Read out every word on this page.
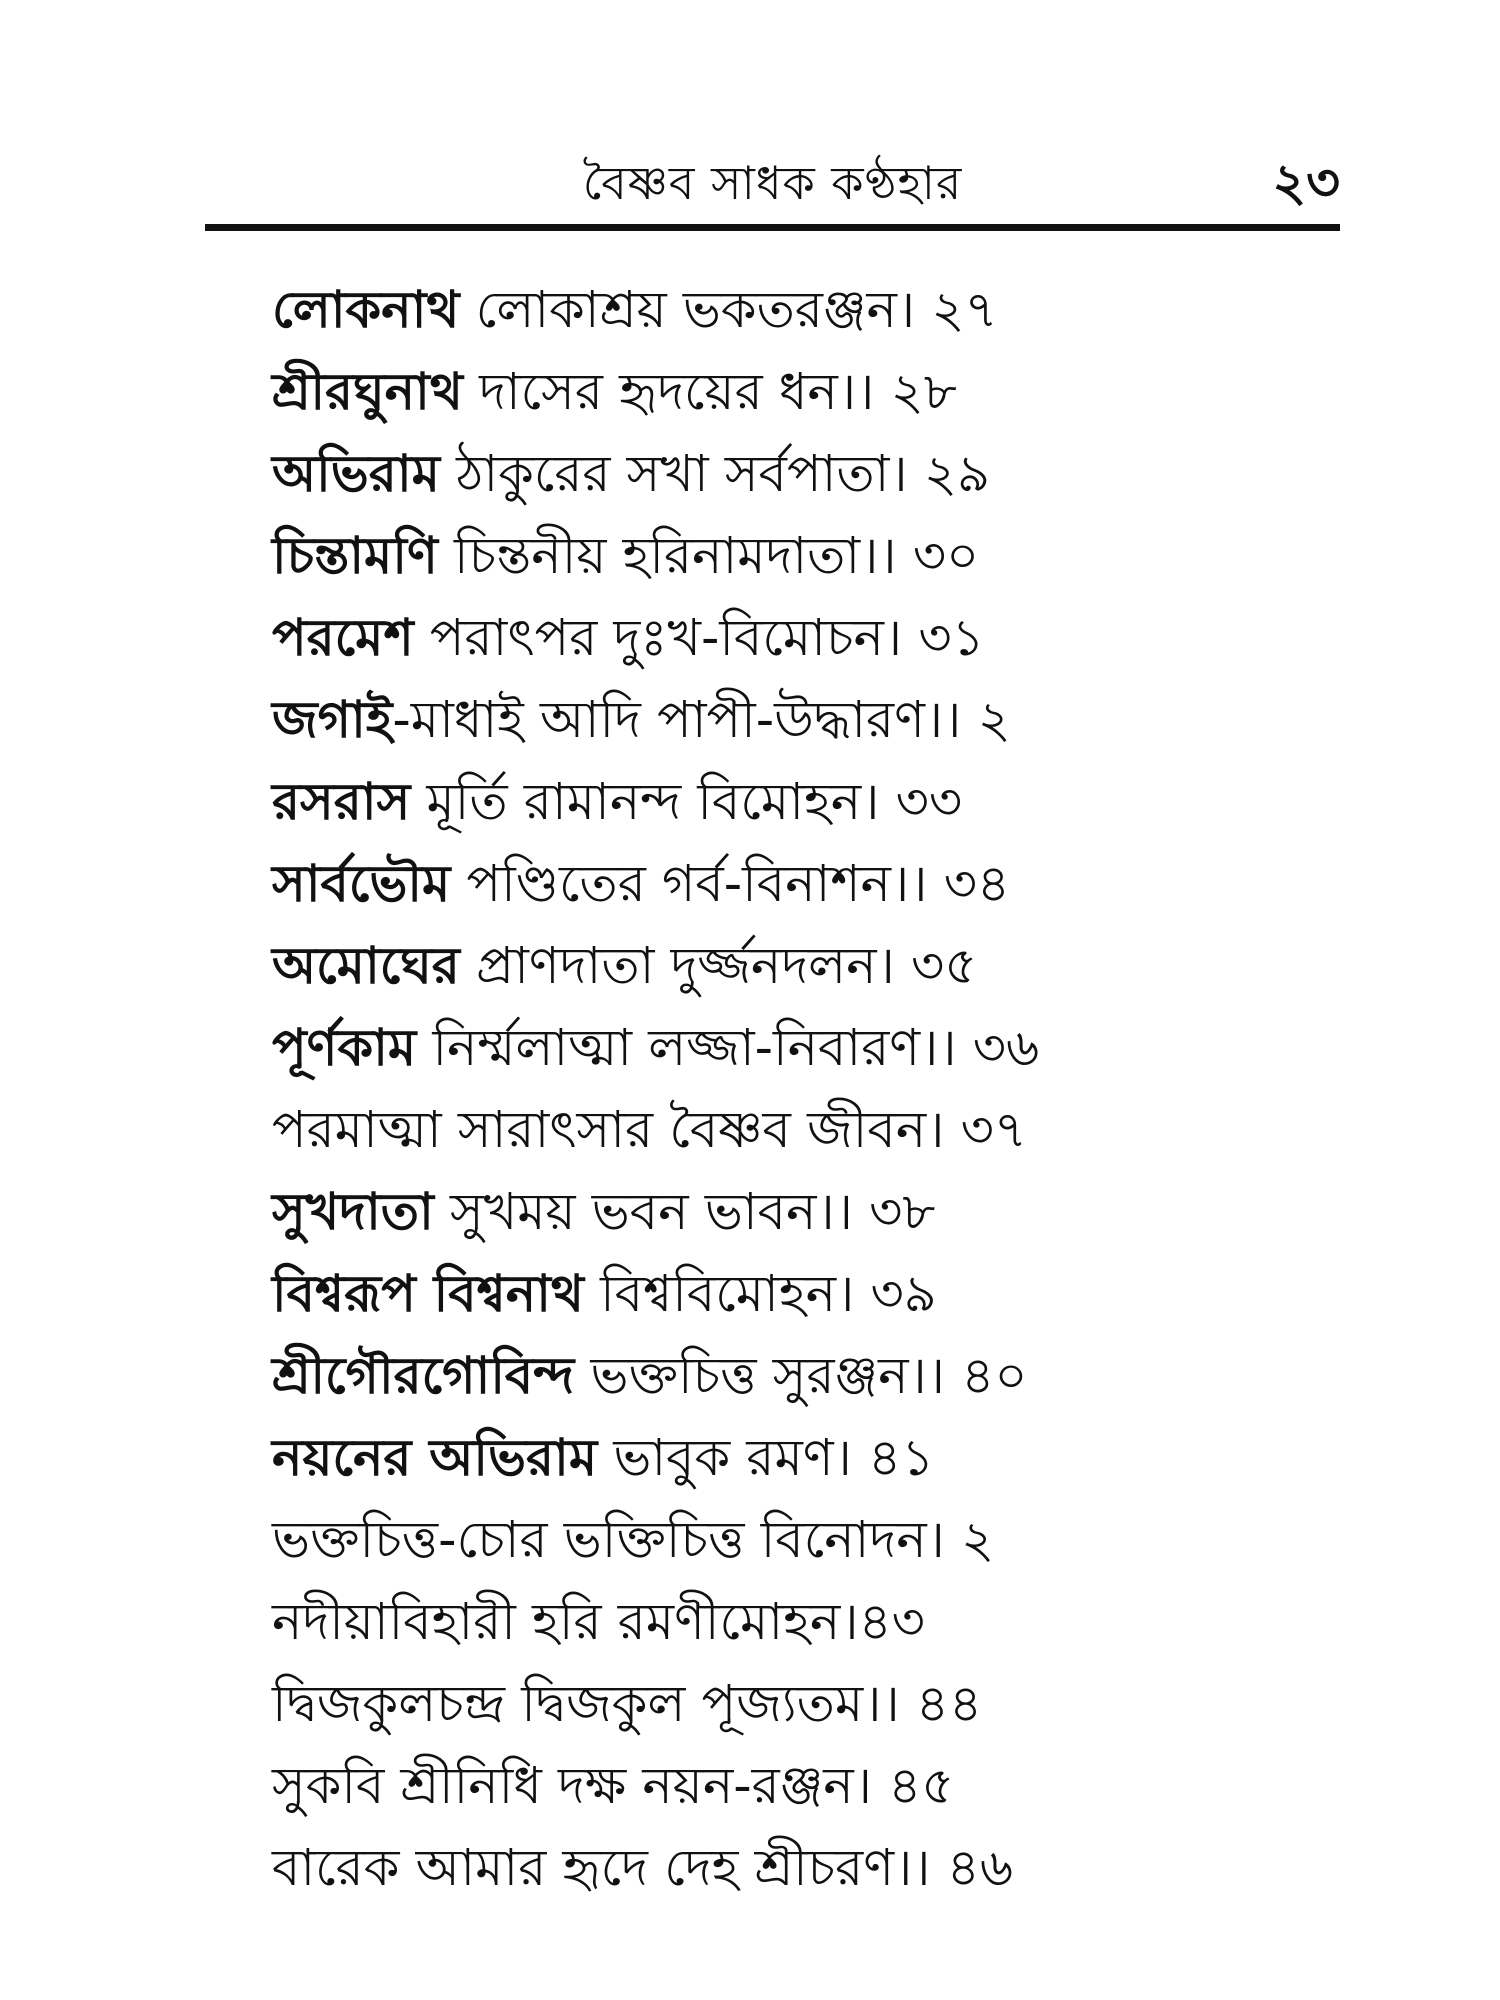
বৈষ্ণব সাধক কণ্ঠহার	২৩
লোকনাথ লোকাশ্রয় ভকতরঞ্জন। ২৭
শ্রীরঘুনাথ দাসের হৃদয়ের ধন।। ২৮
অভিরাম ঠাকুরের সখা সর্বপাতা। ২৯
চিন্তামণি চিন্তনীয় হরিনামদাতা।। ৩০
পরমেশ পরাৎপর দুঃখ-বিমোচন। ৩১
জগাই-মাধাই আদি পাপী-উদ্ধারণ।। ২
রসরাস মূর্তি রামানন্দ বিমোহন। ৩৩
সার্বভৌম পণ্ডিতের গর্ব-বিনাশন।। ৩৪
অমোঘের প্রাণদাতা দুর্জ্জনদলন। ৩৫
পূর্ণকাম নির্ম্মলাত্মা লজ্জা-নিবারণ।। ৩৬
পরমাত্মা সারাৎসার বৈষ্ণব জীবন। ৩৭
সুখদাতা সুখময় ভবন ভাবন।। ৩৮
বিশ্বরূপ বিশ্বনাথ বিশ্ববিমোহন। ৩৯
শ্রীগৌরগোবিন্দ ভক্তচিত্ত সুরঞ্জন।। ৪০
নয়নের অভিরাম ভাবুক রমণ। ৪১
ভক্তচিত্ত-চোর ভক্তিচিত্ত বিনোদন। ২
নদীয়াবিহারী হরি রমণীমোহন।৪৩
দ্বিজকুলচন্দ্র দ্বিজকুল পূজ্যতম।। ৪৪
সুকবি শ্রীনিধি দক্ষ নয়ন-রঞ্জন। ৪৫
বারেক আমার হৃদে দেহ শ্রীচরণ।। ৪৬
